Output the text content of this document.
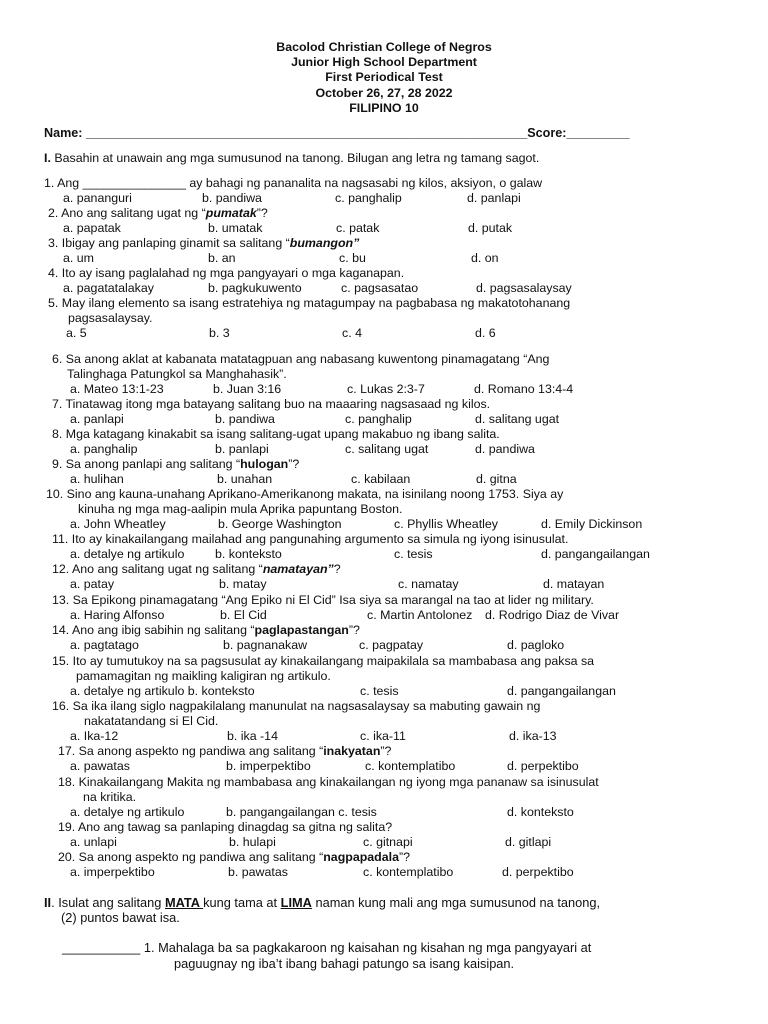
Bacolod Christian College of Negros
Junior High School Department
First Periodical Test
October 26, 27, 28 2022
FILIPINO 10
Name: _______________________________________________________________Score:_________
I. Basahin at unawain ang mga sumusunod na tanong. Bilugan ang letra ng tamang sagot.
1. Ang _______________ ay bahagi ng pananalita na nagsasabi ng kilos, aksiyon, o galaw
a. pananguri	b. pandiwa	c. panghalip	d. panlapi
2. Ano ang salitang ugat ng “pumatak”?
a. papatak	b. umatak	c. patak	d. putak
3. Ibigay ang panlaping ginamit sa salitang “bumangon”
a. um	b. an	c. bu	d. on
4. Ito ay isang paglalahad ng mga pangyayari o mga kaganapan.
a. pagatatalakay	b. pagkukuwento	c. pagsasatao	d. pagsasalaysay
5. May ilang elemento sa isang estratehiya ng matagumpay na pagbabasa ng makatotohanang
pagsasalaysay.
a. 5	b. 3	c. 4	d. 6
6. Sa anong aklat at kabanata matatagpuan ang nabasang kuwentong pinamagatang “Ang
Talinghaga Patungkol sa Manghahasik”.
a. Mateo 13:1-23	b. Juan 3:16	c. Lukas 2:3-7	d. Romano 13:4-4
7. Tinatawag itong mga batayang salitang buo na maaaring nagsasaad ng kilos.
a. panlapi	b. pandiwa	c. panghalip	d. salitang ugat
8. Mga katagang kinakabit sa isang salitang-ugat upang makabuo ng ibang salita.
a. panghalip	b. panlapi	c. salitang ugat	d. pandiwa
9. Sa anong panlapi ang salitang “hulogan”?
a. hulihan	b. unahan	c. kabilaan	d. gitna
10. Sino ang kauna-unahang Aprikano-Amerikanong makata, na isinilang noong 1753. Siya ay
kinuha ng mga mag-aalipin mula Aprika papuntang Boston.
a. John Wheatley	b. George Washington	c. Phyllis Wheatley	d. Emily Dickinson
11. Ito ay kinakailangang mailahad ang pangunahing argumento sa simula ng iyong isinusulat.
a. detalye ng artikulo b. konteksto	c. tesis	d. pangangailangan
12. Ano ang salitang ugat ng salitang “namatayan”?
a. patay	b. matay	c. namatay	d. matayan
13. Sa Epikong pinamagatang “Ang Epiko ni El Cid” Isa siya sa marangal na tao at lider ng military.
a. Haring Alfonso	b. El Cid	c. Martin Antolonez d. Rodrigo Diaz de Vivar
14. Ano ang ibig sabihin ng salitang “paglapastangan”?
a. pagtatago	b. pagnanakaw	c. pagpatay	d. pagloko
15. Ito ay tumutukoy na sa pagsusulat ay kinakailangang maipakilala sa mambabasa ang paksa sa
pamamagitan ng maikling kaligiran ng artikulo.
a. detalye ng artikulo b. konteksto	c. tesis	d. pangangailangan
16. Sa ika ilang siglo nagpakilalang manunulat na nagsasalaysay sa mabuting gawain ng
nakatatandang si El Cid.
a. Ika-12	b. ika -14	c. ika-11	d. ika-13
17. Sa anong aspekto ng pandiwa ang salitang “inakyatan”?
a. pawatas	b. imperpektibo	c. kontemplatibo	d. perpektibo
18. Kinakailangang Makita ng mambabasa ang kinakailangan ng iyong mga pananaw sa isinusulat
na kritika.
a. detalye ng artikulo	b. pangangailangan c. tesis	d. konteksto
19. Ano ang tawag sa panlaping dinagdag sa gitna ng salita?
a. unlapi	b. hulapi	c. gitnapi	d. gitlapi
20. Sa anong aspekto ng pandiwa ang salitang “nagpapadala”?
a. imperpektibo	b. pawatas	c. kontemplatibo	d. perpektibo
II. Isulat ang salitang MATA kung tama at LIMA naman kung mali ang mga sumusunod na tanong,
(2) puntos bawat isa.
___________ 1. Mahalaga ba sa pagkakaroon ng kaisahan ng kisahan ng mga pangyayari at
paguugnay ng iba’t ibang bahagi patungo sa isang kaisipan.
